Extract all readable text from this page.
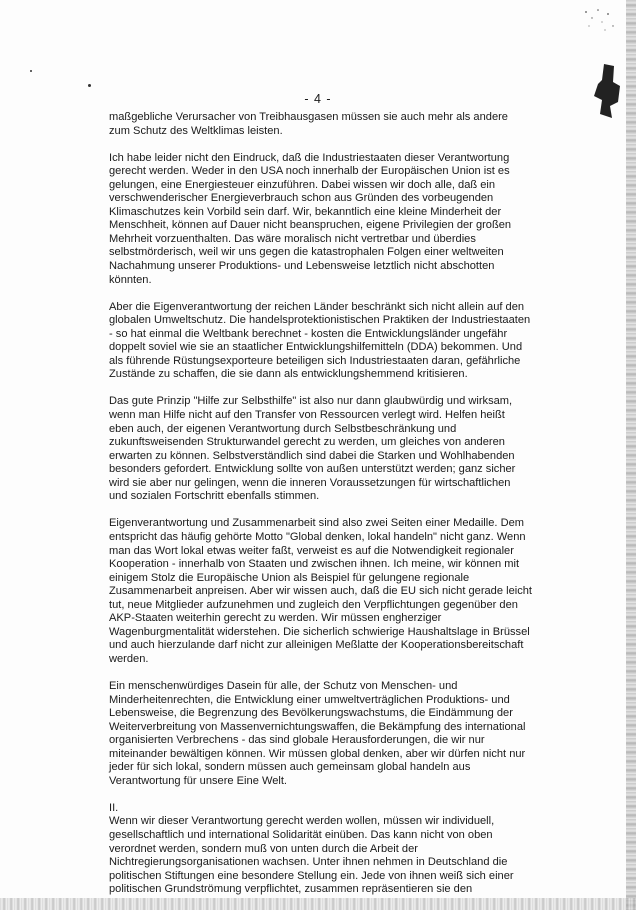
- 4 -

maßgebliche Verursacher von Treibhausgasen müssen sie auch mehr als andere
zum Schutz des Weltklimas leisten.

Ich habe leider nicht den Eindruck, daß die Industriestaaten dieser Verantwortung
gerecht werden. Weder in den USA noch innerhalb der Europäischen Union ist es
gelungen, eine Energiesteuer einzuführen. Dabei wissen wir doch alle, daß ein
verschwenderischer Energieverbrauch schon aus Gründen des vorbeugenden
Klimaschutzes kein Vorbild sein darf. Wir, bekanntlich eine kleine Minderheit der
Menschheit, können auf Dauer nicht beanspruchen, eigene Privilegien der großen
Mehrheit vorzuenthalten. Das wäre moralisch nicht vertretbar und überdies
selbstmörderisch, weil wir uns gegen die katastrophalen Folgen einer weltweiten
Nachahmung unserer Produktions- und Lebensweise letztlich nicht abschotten
könnten.

Aber die Eigenverantwortung der reichen Länder beschränkt sich nicht allein auf den
globalen Umweltschutz. Die handelsprotektionistischen Praktiken der Industriestaaten
- so hat einmal die Weltbank berechnet - kosten die Entwicklungsländer ungefähr
doppelt soviel wie sie an staatlicher Entwicklungshilfemitteln (DDA) bekommen. Und
als führende Rüstungsexporteure beteiligen sich Industriestaaten daran, gefährliche
Zustände zu schaffen, die sie dann als entwicklungshemmend kritisieren.

Das gute Prinzip "Hilfe zur Selbsthilfe" ist also nur dann glaubwürdig und wirksam,
wenn man Hilfe nicht auf den Transfer von Ressourcen verlegt wird. Helfen heißt
eben auch, der eigenen Verantwortung durch Selbstbeschränkung und
zukunftsweisenden Strukturwandel gerecht zu werden, um gleiches von anderen
erwarten zu können. Selbstverständlich sind dabei die Starken und Wohlhabenden
besonders gefordert. Entwicklung sollte von außen unterstützt werden; ganz sicher
wird sie aber nur gelingen, wenn die inneren Voraussetzungen für wirtschaftlichen
und sozialen Fortschritt ebenfalls stimmen.

Eigenverantwortung und Zusammenarbeit sind also zwei Seiten einer Medaille. Dem
entspricht das häufig gehörte Motto "Global denken, lokal handeln" nicht ganz. Wenn
man das Wort lokal etwas weiter faßt, verweist es auf die Notwendigkeit regionaler
Kooperation - innerhalb von Staaten und zwischen ihnen. Ich meine, wir können mit
einigem Stolz die Europäische Union als Beispiel für gelungene regionale
Zusammenarbeit anpreisen. Aber wir wissen auch, daß die EU sich nicht gerade leicht
tut, neue Mitglieder aufzunehmen und zugleich den Verpflichtungen gegenüber den
AKP-Staaten weiterhin gerecht zu werden. Wir müssen engherziger
Wagenburgmentalität widerstehen. Die sicherlich schwierige Haushaltslage in Brüssel
und auch hierzulande darf nicht zur alleinigen Meßlatte der Kooperationsbereitschaft
werden.

Ein menschenwürdiges Dasein für alle, der Schutz von Menschen- und
Minderheitenrechten, die Entwicklung einer umweltverträglichen Produktions- und
Lebensweise, die Begrenzung des Bevölkerungswachstums, die Eindämmung der
Weiterverbreitung von Massenvernichtungswaffen, die Bekämpfung des international
organisierten Verbrechens - das sind globale Herausforderungen, die wir nur
miteinander bewältigen können. Wir müssen global denken, aber wir dürfen nicht nur
jeder für sich lokal, sondern müssen auch gemeinsam global handeln aus
Verantwortung für unsere Eine Welt.

II.
Wenn wir dieser Verantwortung gerecht werden wollen, müssen wir individuell,
gesellschaftlich und international Solidarität einüben. Das kann nicht von oben
verordnet werden, sondern muß von unten durch die Arbeit der
Nichtregierungsorganisationen wachsen. Unter ihnen nehmen in Deutschland die
politischen Stiftungen eine besondere Stellung ein. Jede von ihnen weiß sich einer
politischen Grundströmung verpflichtet, zusammen repräsentieren sie den
